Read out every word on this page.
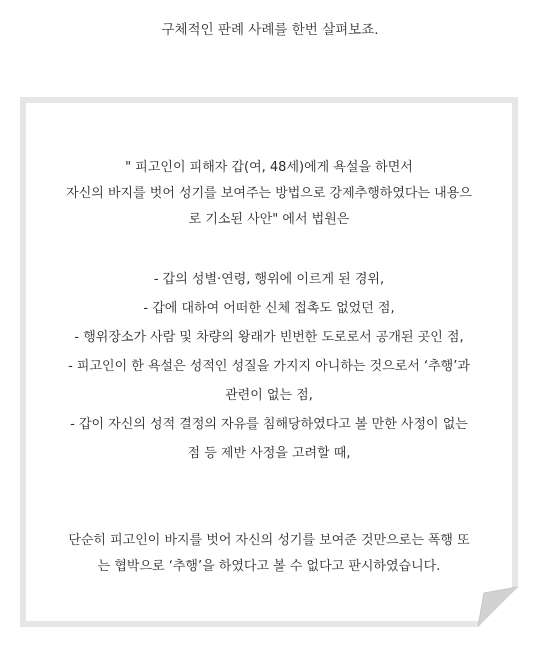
구체적인 판례 사례를 한번 살펴보죠.
" 피고인이 피해자 갑(여, 48세)에게 욕설을 하면서
자신의 바지를 벗어 성기를 보여주는 방법으로 강제추행하였다는 내용으
로 기소된 사안" 에서 법원은
- 갑의 성별·연령, 행위에 이르게 된 경위,
- 갑에 대하여 어떠한 신체 접촉도 없었던 점,
- 행위장소가 사람 및 차량의 왕래가 빈번한 도로로서 공개된 곳인 점,
- 피고인이 한 욕설은 성적인 성질을 가지지 아니하는 것으로서 ‘추행’과
관련이 없는 점,
- 갑이 자신의 성적 결정의 자유를 침해당하였다고 볼 만한 사정이 없는
점 등 제반 사정을 고려할 때,
단순히 피고인이 바지를 벗어 자신의 성기를 보여준 것만으로는 폭행 또
는 협박으로 ‘추행’을 하였다고 볼 수 없다고 판시하였습니다.
